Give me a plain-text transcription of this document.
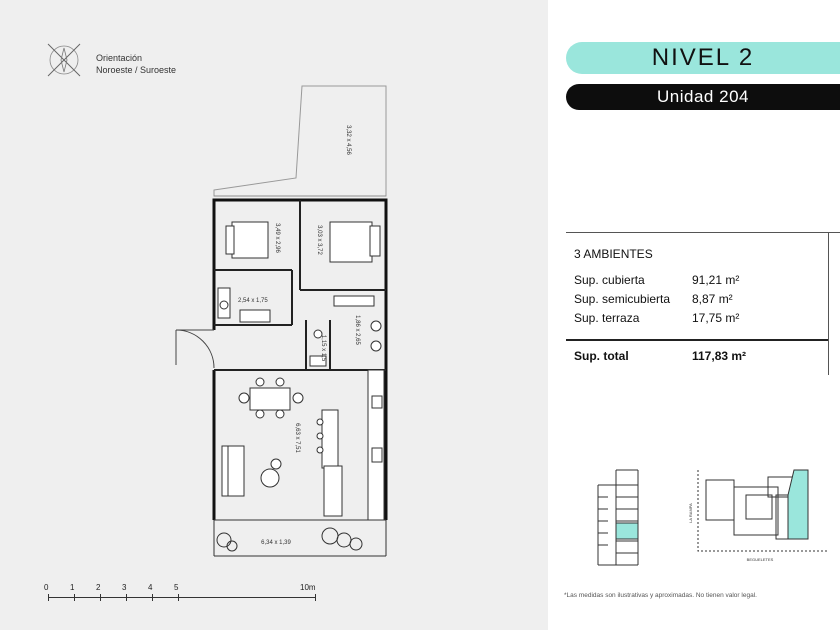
Orientación
Noroeste / Suroeste
3,32 x 4,56
3,49 x 2,96	3,03 x 3,72
2,54 x 1,75
1,86 x 2,65
1,15 x 1,5
6,63 x 7,51
6,34 x 1,39
0	1	2	3	4	5	10m
NIVEL 2
Unidad 204
3 AMBIENTES
Sup. cubierta	91,21 m²
Sup. semicubierta 8,87 m²
Sup. terraza	17,75 m²
Sup. total	117,83 m²
LA RAMPA
BEGUELETES
*Las medidas son ilustrativas y aproximadas. No tienen valor legal.
